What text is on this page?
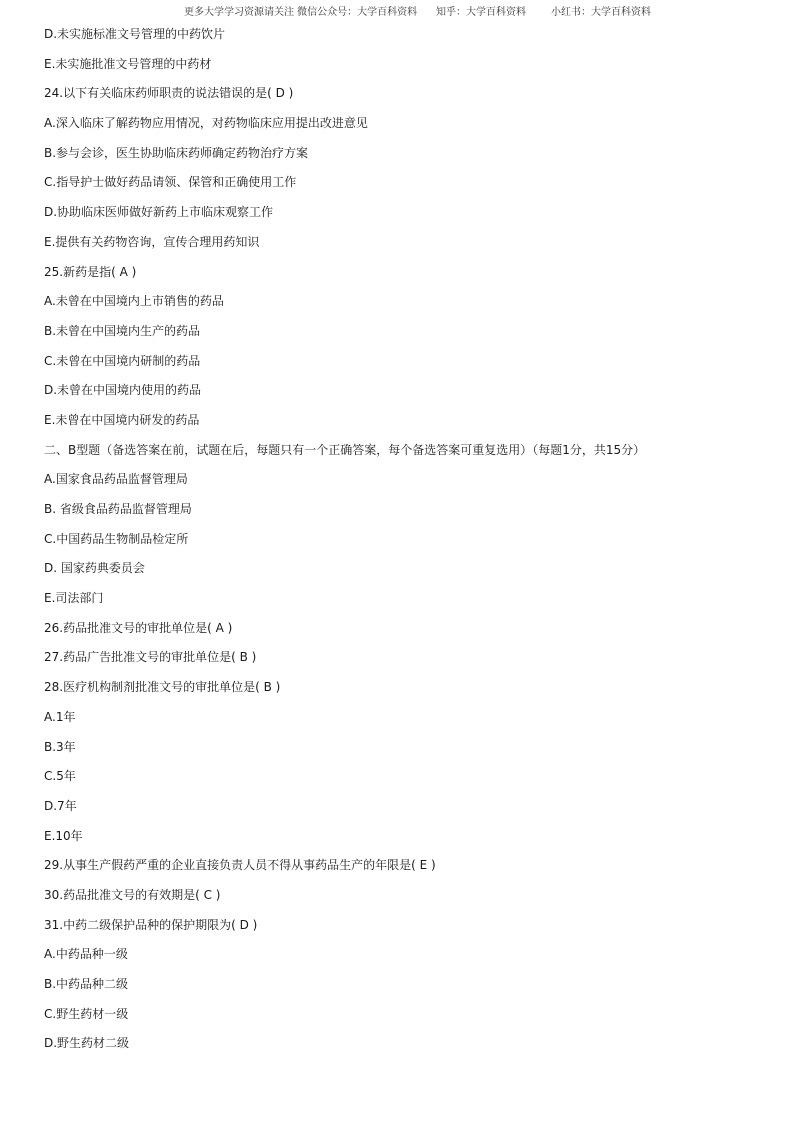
更多大学学习资源请关注 微信公众号：大学百科资料 知乎：大学百科资料	小红书：大学百科资料
D.未实施标准文号管理的中药饮片
E.未实施批准文号管理的中药材
24.以下有关临床药师职责的说法错误的是( D )
A.深入临床了解药物应用情况，对药物临床应用提出改进意见
B.参与会诊，医生协助临床药师确定药物治疗方案
C.指导护士做好药品请领、保管和正确使用工作
D.协助临床医师做好新药上市临床观察工作
E.提供有关药物咨询，宣传合理用药知识
25.新药是指( A )
A.未曾在中国境内上市销售的药品
B.未曾在中国境内生产的药品
C.未曾在中国境内研制的药品
D.未曾在中国境内使用的药品
E.未曾在中国境内研发的药品
二、B型题（备选答案在前，试题在后，每题只有一个正确答案，每个备选答案可重复选用）（每题1分，共15分）
A.国家食品药品监督管理局
B. 省级食品药品监督管理局
C.中国药品生物制品检定所
D. 国家药典委员会
E.司法部门
26.药品批准文号的审批单位是( A )
27.药品广告批准文号的审批单位是( B )
28.医疗机构制剂批准文号的审批单位是( B )
A.1年
B.3年
C.5年
D.7年
E.10年
29.从事生产假药严重的企业直接负责人员不得从事药品生产的年限是( E )
30.药品批准文号的有效期是( C )
31.中药二级保护品种的保护期限为( D )
A.中药品种一级
B.中药品种二级
C.野生药材一级
D.野生药材二级
